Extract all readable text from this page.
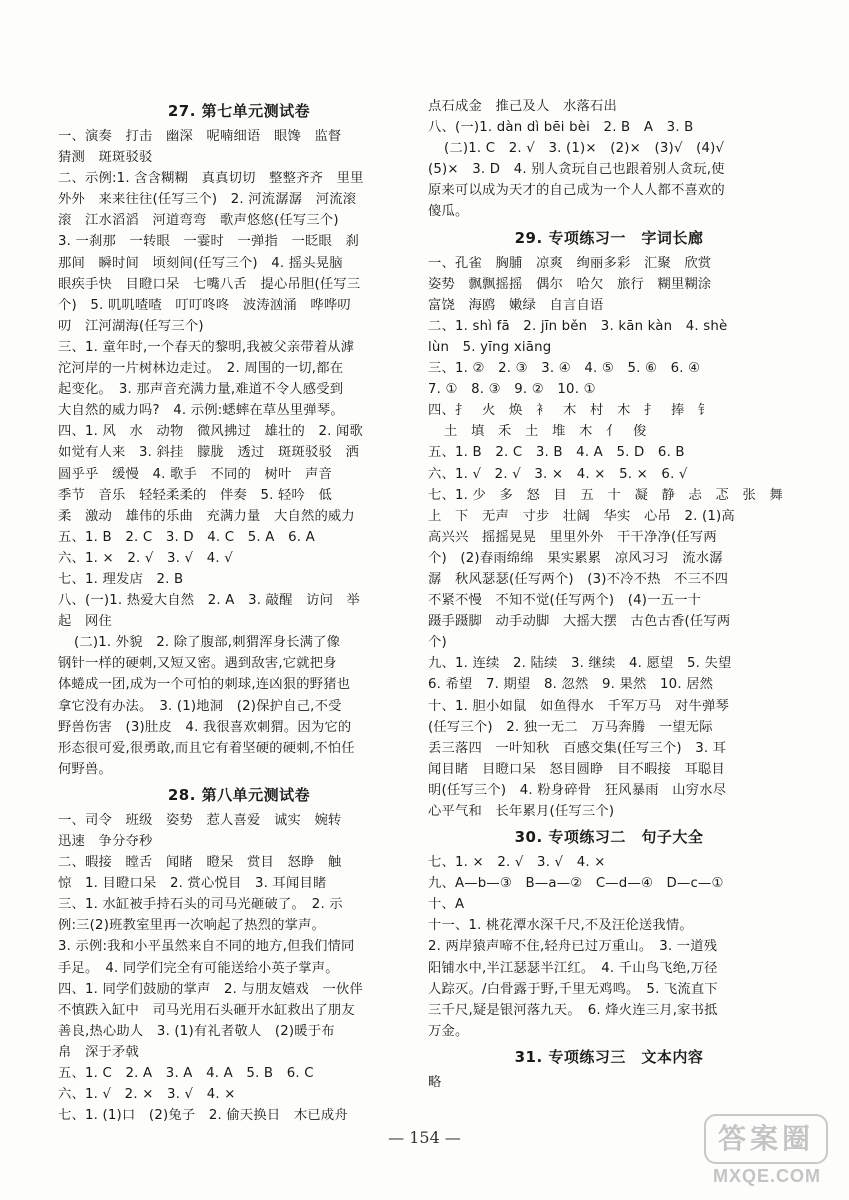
27. 第七单元测试卷
一、演奏　打击　幽深　呢喃细语　眼馋　监督
猜测　斑斑驳驳
二、示例:1. 含含糊糊　真真切切　整整齐齐　里里
外外　来来往往(任写三个)　2. 河流潺潺　河流滚
滚　江水滔滔　河道弯弯　歌声悠悠(任写三个)
3. 一刹那　一转眼　一霎时　一弹指　一眨眼　刹
那间　瞬时间　顷刻间(任写三个)　4. 摇头晃脑
眼疾手快　目瞪口呆　七嘴八舌　提心吊胆(任写三
个)　5. 叽叽喳喳　叮叮咚咚　波涛汹涌　哗哗叨
叨　江河湖海(任写三个)
三、1. 童年时,一个春天的黎明,我被父亲带着从滹
沱河岸的一片树林边走过。　2. 周围的一切,都在
起变化。　3. 那声音充满力量,难道不令人感受到
大自然的威力吗?　4. 示例:蟋蟀在草丛里弹琴。
四、1. 风　水　动物　微风拂过　雄壮的　2. 闻歌
如觉有人来　3. 斜挂　朦胧　透过　斑斑驳驳　洒
圆乎乎　缓慢　4. 歌手　不同的　树叶　声音
季节　音乐　轻轻柔柔的　伴奏　5. 轻吟　低
柔　激动　雄伟的乐曲　充满力量　大自然的威力
五、1. B　2. C　3. D　4. C　5. A　6. A
六、1. ×　2. √　3. √　4. √
七、1. 理发店　2. B
八、(一)1. 热爱大自然　2. A　3. 敲醒　访问　举
起　网住
(二)1. 外貌　2. 除了腹部,刺猬浑身长满了像
钢针一样的硬刺,又短又密。遇到敌害,它就把身
体蜷成一团,成为一个可怕的刺球,连凶狠的野猪也
拿它没有办法。　3. (1)地洞　(2)保护自己,不受
野兽伤害　(3)肚皮　4. 我很喜欢刺猬。因为它的
形态很可爱,很勇敢,而且它有着坚硬的硬刺,不怕任
何野兽。
28. 第八单元测试卷
一、司令　班级　姿势　惹人喜爱　诚实　婉转
迅速　争分夺秒
二、暇接　瞠舌　闻睹　瞪呆　赏目　怒睁　触
惊　1. 目瞪口呆　2. 赏心悦目　3. 耳闻目睹
三、1. 水缸被手持石头的司马光砸破了。　2. 示
例:三(2)班教室里再一次响起了热烈的掌声。
3. 示例:我和小平虽然来自不同的地方,但我们情同
手足。　4. 同学们完全有可能送给小英子掌声。
四、1. 同学们鼓励的掌声　2. 与朋友嬉戏　一伙伴
不慎跌入缸中　司马光用石头砸开水缸救出了朋友
善良,热心助人　3. (1)有礼者敬人　(2)暖于布
帛　深于矛戟
五、1. C　2. A　3. A　4. A　5. B　6. C
六、1. √　2. ×　3. √　4. ×
七、1. (1)口　(2)兔子　2. 偷天换日　木已成舟
点石成金　推己及人　水落石出
八、(一)1. dàn dì bēi bèi　2. B　A　3. B
(二)1. C　2. √　3. (1)×　(2)×　(3)√　(4)√
(5)×　3. D　4. 别人贪玩自己也跟着别人贪玩,使
原来可以成为天才的自己成为一个人人都不喜欢的
傻瓜。
29. 专项练习一　字词长廊
一、孔雀　胸脯　凉爽　绚丽多彩　汇聚　欣赏
姿势　飘飘摇摇　偶尔　哈欠　旅行　糊里糊涂
富饶　海鸥　嫩绿　自言自语
二、1. shì fā　2. jīn běn　3. kān kàn　4. shè
lùn　5. yīng xiāng
三、1. ②　2. ③　3. ④　4. ⑤　5. ⑥　6. ④
7. ①　8. ③　9. ②　10. ①
四、扌　火　焕　衤　木　村　木　扌　捧　钅
土　填　禾　土　堆　木　亻　俊
五、1. B　2. C　3. B　4. A　5. D　6. B
六、1. √　2. √　3. ×　4. ×　5. ×　6. √
七、1. 少　多　怒　目　五　十　凝　静　忐　忑　张　舞
上　下　无声　寸步　壮阔　华实　心吊　2. (1)高
高兴兴　摇摇晃晃　里里外外　干干净净(任写两
个)　(2)春雨绵绵　果实累累　凉风习习　流水潺
潺　秋风瑟瑟(任写两个)　(3)不冷不热　不三不四
不紧不慢　不知不觉(任写两个)　(4)一五一十
蹑手蹑脚　动手动脚　大摇大摆　古色古香(任写两
个)
九、1. 连续　2. 陆续　3. 继续　4. 愿望　5. 失望
6. 希望　7. 期望　8. 忽然　9. 果然　10. 居然
十、1. 胆小如鼠　如鱼得水　千军万马　对牛弹琴
(任写三个)　2. 独一无二　万马奔腾　一望无际
丢三落四　一叶知秋　百感交集(任写三个)　3. 耳
闻目睹　目瞪口呆　怒目圆睁　目不暇接　耳聪目
明(任写三个)　4. 粉身碎骨　狂风暴雨　山穷水尽
心平气和　长年累月(任写三个)
30. 专项练习二　句子大全
七、1. ×　2. √　3. √　4. ×
九、A—b—③　B—a—②　C—d—④　D—c—①
十、A
十一、1. 桃花潭水深千尺,不及汪伦送我情。
2. 两岸猿声啼不住,轻舟已过万重山。　3. 一道残
阳铺水中,半江瑟瑟半江红。　4. 千山鸟飞绝,万径
人踪灭。/白骨露于野,千里无鸡鸣。　5. 飞流直下
三千尺,疑是银河落九天。　6. 烽火连三月,家书抵
万金。
31. 专项练习三　文本内容
略
— 154 —	答案圈
MXQE.COM
